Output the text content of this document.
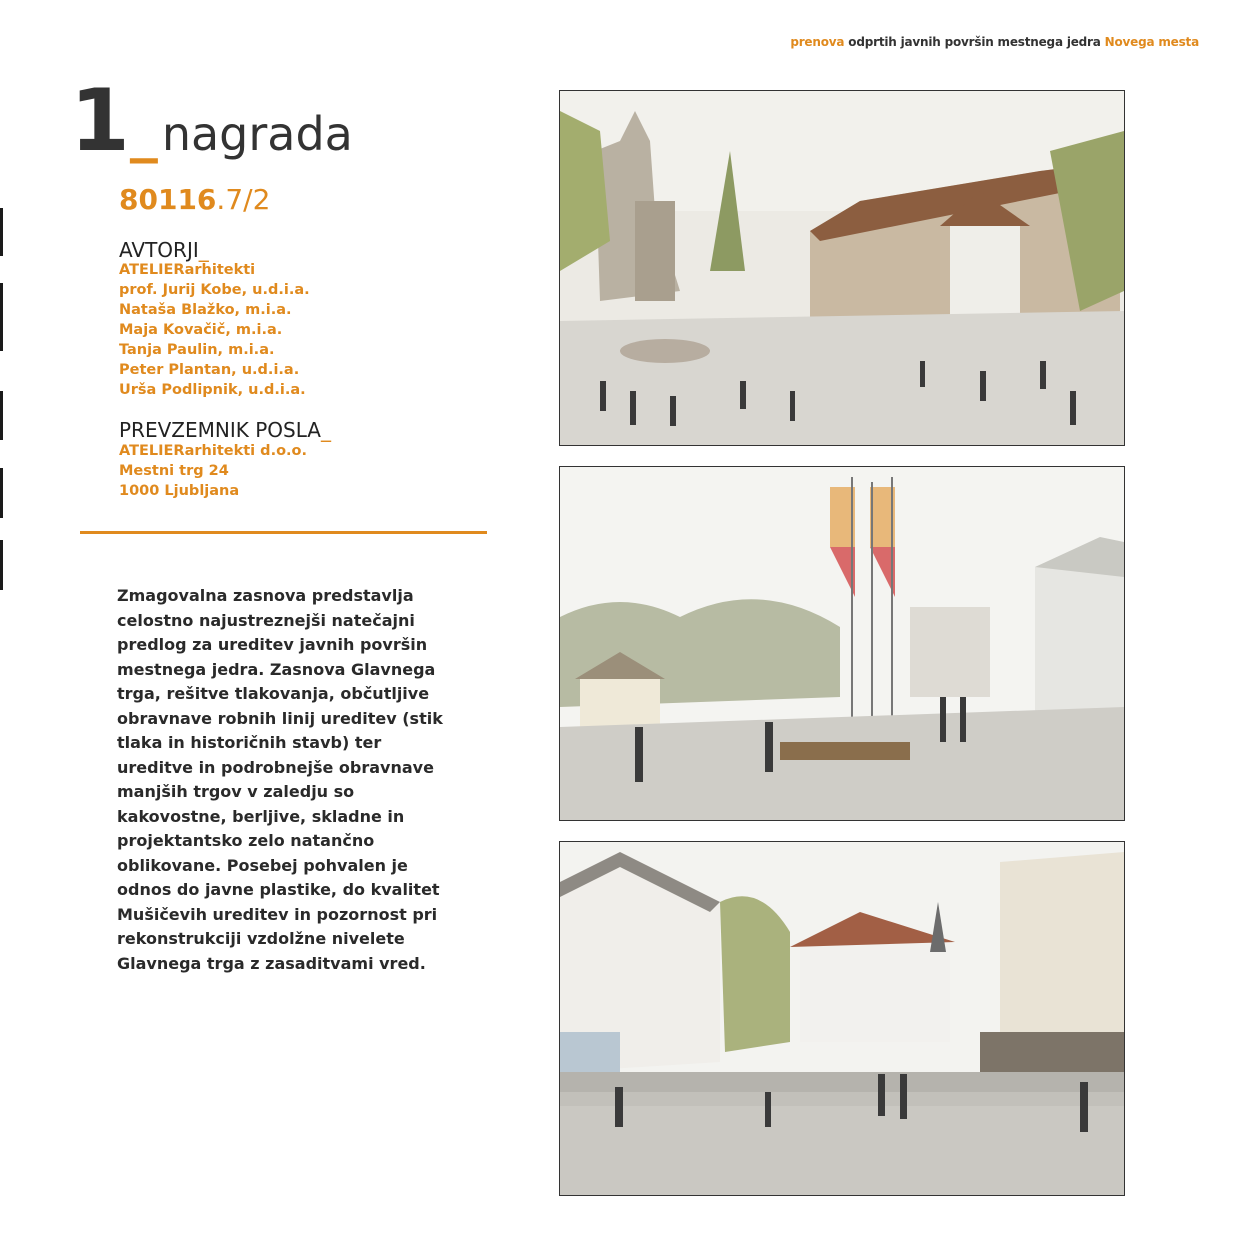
prenova odprtih javnih površin mestnega jedra Novega mesta
1 _ nagrada
80116.7/2
AVTORJI_
ATELIERarhitekti
prof. Jurij Kobe, u.d.i.a.
Nataša Blažko, m.i.a.
Maja Kovačič, m.i.a.
Tanja Paulin, m.i.a.
Peter Plantan, u.d.i.a.
Urša Podlipnik, u.d.i.a.
PREVZEMNIK POSLA_
ATELIERarhitekti d.o.o.
Mestni trg 24
1000 Ljubljana

Zmagovalna zasnova predstavlja celostno najustreznejši natečajni predlog za ureditev javnih površin mestnega jedra. Zasnova Glavnega trga, rešitve tlakovanja, občutljive obravnave robnih linij ureditev (stik tlaka in historičnih stavb) ter ureditve in podrobnejše obravnave manjših trgov v zaledju so kakovostne, berljive, skladne in projektantsko zelo natančno oblikovane. Posebej pohvalen je odnos do javne plastike, do kvalitet Mušičevih ureditev in pozornost pri rekonstrukciji vzdolžne nivelete Glavnega trga z zasaditvami vred.
